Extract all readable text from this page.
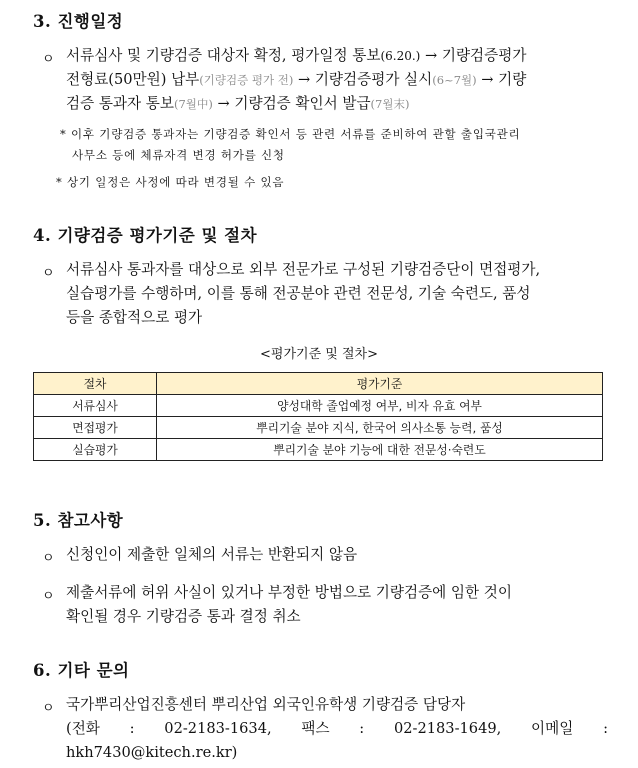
3. 진행일정
ㅇ 서류심사 및 기량검증 대상자 확정, 평가일정 통보(6.20.) → 기량검증평가
전형료(50만원) 납부(기량검증 평가 전) → 기량검증평가 실시(6~7월) → 기량
검증 통과자 통보(7월中) → 기량검증 확인서 발급(7월末)
* 이후 기량검증 통과자는 기량검증 확인서 등 관련 서류를 준비하여 관할 출입국관리
사무소 등에 체류자격 변경 허가를 신청
* 상기 일정은 사정에 따라 변경될 수 있음
4. 기량검증 평가기준 및 절차
ㅇ 서류심사 통과자를 대상으로 외부 전문가로 구성된 기량검증단이 면접평가,
실습평가를 수행하며, 이를 통해 전공분야 관련 전문성, 기술 숙련도, 품성
등을 종합적으로 평가
<평가기준 및 절차>
절차	평가기준
서류심사	양성대학 졸업예정 여부, 비자 유효 여부
면접평가	뿌리기술 분야 지식, 한국어 의사소통 능력, 품성
실습평가	뿌리기술 분야 기능에 대한 전문성·숙련도
5. 참고사항
ㅇ 신청인이 제출한 일체의 서류는 반환되지 않음
ㅇ 제출서류에 허위 사실이 있거나 부정한 방법으로 기량검증에 임한 것이
확인될 경우 기량검증 통과 결정 취소
6. 기타 문의
ㅇ 국가뿌리산업진흥센터 뿌리산업 외국인유학생 기량검증 담당자
(전화 : 02-2183-1634, 팩스 : 02-2183-1649, 이메일 : hkh7430@kitech.re.kr)
